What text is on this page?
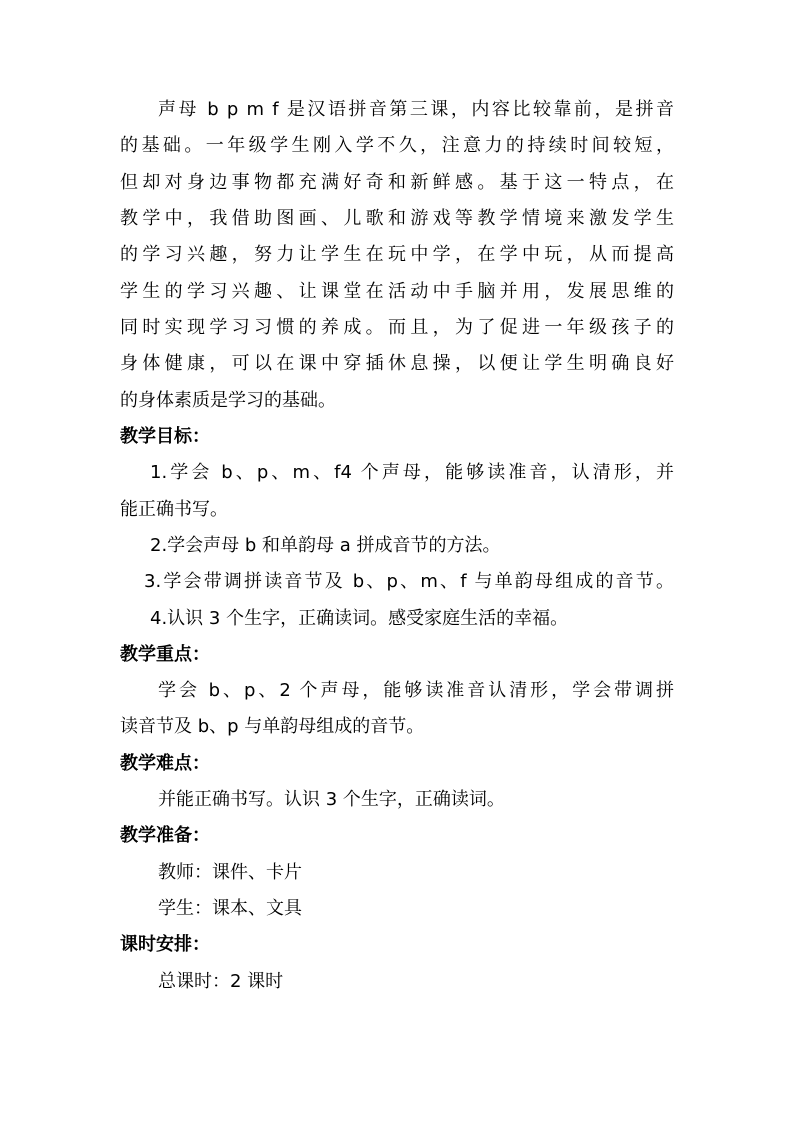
声母 b p m f 是汉语拼音第三课，内容比较靠前，是拼音
的基础。一年级学生刚入学不久，注意力的持续时间较短，
但却对身边事物都充满好奇和新鲜感。基于这一特点，在
教学中，我借助图画、儿歌和游戏等教学情境来激发学生
的学习兴趣，努力让学生在玩中学，在学中玩，从而提高
学生的学习兴趣、让课堂在活动中手脑并用，发展思维的
同时实现学习习惯的养成。而且，为了促进一年级孩子的
身体健康，可以在课中穿插休息操，以便让学生明确良好
的身体素质是学习的基础。
教学目标：
1.学会 b、p、m、f4 个声母，能够读准音，认清形，并
能正确书写。
2.学会声母 b 和单韵母 a 拼成音节的方法。
3.学会带调拼读音节及 b、p、m、f 与单韵母组成的音节。
4.认识 3 个生字，正确读词。感受家庭生活的幸福。
教学重点：
学会 b、p、2 个声母，能够读准音认清形，学会带调拼
读音节及 b、p 与单韵母组成的音节。
教学难点：
并能正确书写。认识 3 个生字，正确读词。
教学准备：
教师：课件、卡片
学生：课本、文具
课时安排：
总课时：2 课时
